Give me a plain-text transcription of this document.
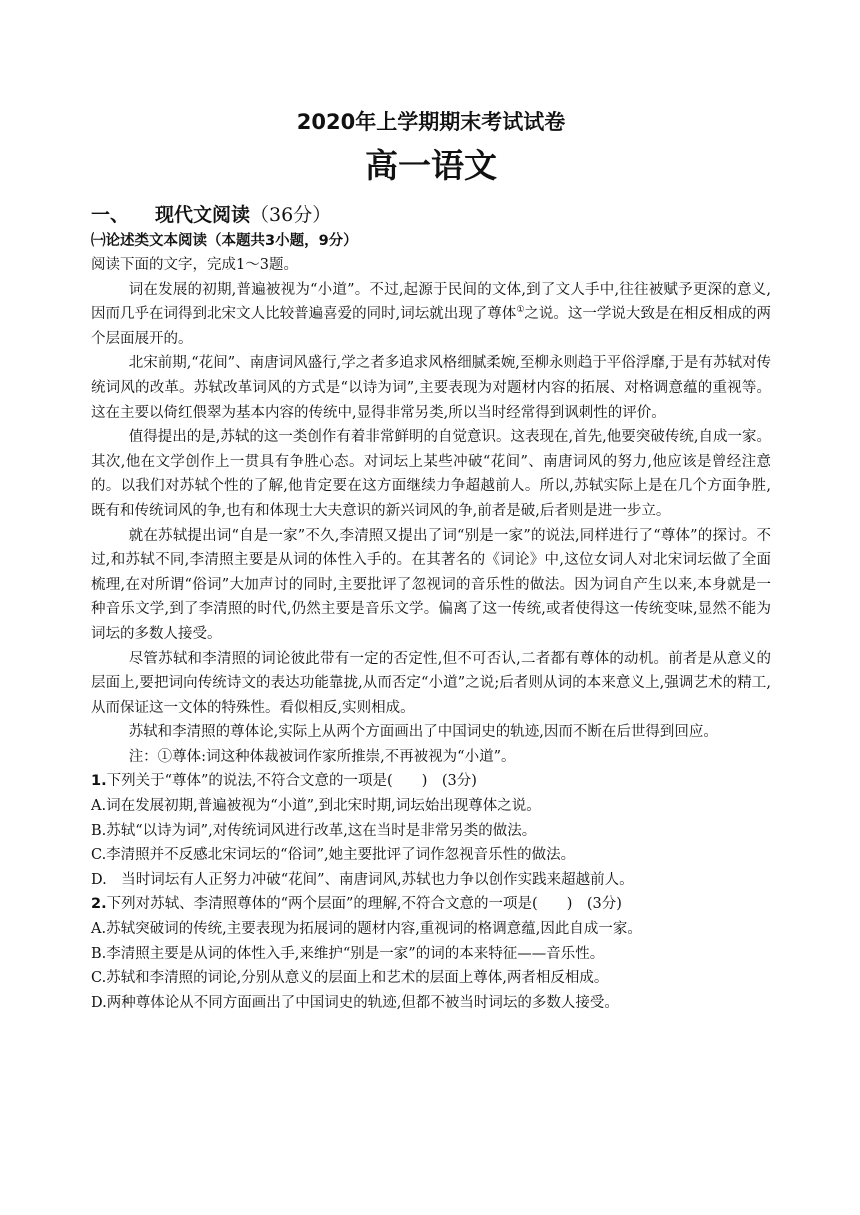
2020年上学期期末考试试卷
高一语文

一、 现代文阅读（36分）

㈠论述类文本阅读（本题共3小题，9分）

阅读下面的文字，完成1～3题。

词在发展的初期,普遍被视为“小道”。不过,起源于民间的文体,到了文人手中,往往被赋予更深的意义,因而几乎在词得到北宋文人比较普遍喜爱的同时,词坛就出现了尊体①之说。这一学说大致是在相反相成的两个层面展开的。

北宋前期,“花间”、南唐词风盛行,学之者多追求风格细腻柔婉,至柳永则趋于平俗浮靡,于是有苏轼对传统词风的改革。苏轼改革词风的方式是“以诗为词”,主要表现为对题材内容的拓展、对格调意蕴的重视等。这在主要以倚红偎翠为基本内容的传统中,显得非常另类,所以当时经常得到讽刺性的评价。

值得提出的是,苏轼的这一类创作有着非常鲜明的自觉意识。这表现在,首先,他要突破传统,自成一家。其次,他在文学创作上一贯具有争胜心态。对词坛上某些冲破“花间”、南唐词风的努力,他应该是曾经注意的。以我们对苏轼个性的了解,他肯定要在这方面继续力争超越前人。所以,苏轼实际上是在几个方面争胜,既有和传统词风的争,也有和体现士大夫意识的新兴词风的争,前者是破,后者则是进一步立。

就在苏轼提出词“自是一家”不久,李清照又提出了词“别是一家”的说法,同样进行了“尊体”的探讨。不过,和苏轼不同,李清照主要是从词的体性入手的。在其著名的《词论》中,这位女词人对北宋词坛做了全面梳理,在对所谓“俗词”大加声讨的同时,主要批评了忽视词的音乐性的做法。因为词自产生以来,本身就是一种音乐文学,到了李清照的时代,仍然主要是音乐文学。偏离了这一传统,或者使得这一传统变味,显然不能为词坛的多数人接受。

尽管苏轼和李清照的词论彼此带有一定的否定性,但不可否认,二者都有尊体的动机。前者是从意义的层面上,要把词向传统诗文的表达功能靠拢,从而否定“小道”之说;后者则从词的本来意义上,强调艺术的精工,从而保证这一文体的特殊性。看似相反,实则相成。

苏轼和李清照的尊体论,实际上从两个方面画出了中国词史的轨迹,因而不断在后世得到回应。

注：①尊体:词这种体裁被词作家所推崇,不再被视为“小道”。

1.下列关于“尊体”的说法,不符合文意的一项是(　　)　(3分)

A.词在发展初期,普遍被视为“小道”,到北宋时期,词坛始出现尊体之说。

B.苏轼“以诗为词”,对传统词风进行改革,这在当时是非常另类的做法。

C.李清照并不反感北宋词坛的“俗词”,她主要批评了词作忽视音乐性的做法。

D.　当时词坛有人正努力冲破“花间”、南唐词风,苏轼也力争以创作实践来超越前人。

2.下列对苏轼、李清照尊体的“两个层面”的理解,不符合文意的一项是(　　)　(3分)

A.苏轼突破词的传统,主要表现为拓展词的题材内容,重视词的格调意蕴,因此自成一家。

B.李清照主要是从词的体性入手,来维护“别是一家”的词的本来特征——音乐性。

C.苏轼和李清照的词论,分别从意义的层面上和艺术的层面上尊体,两者相反相成。

D.两种尊体论从不同方面画出了中国词史的轨迹,但都不被当时词坛的多数人接受。
